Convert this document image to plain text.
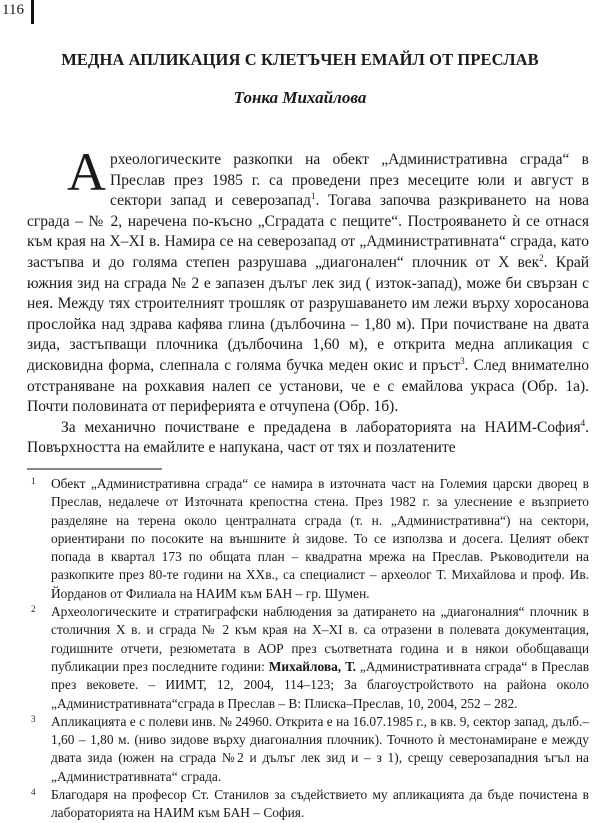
116
МЕДНА АПЛИКАЦИЯ С КЛЕТЪЧЕН ЕМАЙЛ ОТ ПРЕСЛАВ
Тонка Михайлова

Археологическите разкопки на обект „Административна сграда“ в Преслав през 1985 г. са проведени през месеците юли и август в сектори запад и северозапад$^1$. Тогава започва разкриването на нова сграда – № 2, наречена по-късно „Сградата с пещите“. Построяването ѝ се отнася към края на X–XI в. Намира се на северозапад от „Административната“ сграда, като застъпва и до голяма степен разрушава „диагонален“ плочник от X век$^2$. Край южния зид на сграда № 2 е запазен дълъг лек зид ( изток-запад), може би свързан с нея. Между тях строителният трошляк от разрушаването им лежи върху хоросанова прослойка над здрава кафява глина (дълбочина – 1,80 м). При почистване на двата зида, застъпващи плочника (дълбочина 1,60 м), е открита медна апликация с дисковидна форма, слепнала с голяма бучка меден окис и пръст$^3$. След внимателно отстраняване на рохкавия налеп се установи, че е с емайлова украса (Обр. 1а). Почти половината от периферията е отчупена (Обр. 1б).

За механично почистване е предадена в лабораторията на НАИМ-София$^4$. Повърхността на емайлите е напукана, част от тях и позлатените

1 Обект „Административна сграда“ се намира в източната част на Големия царски дворец в Преслав, недалече от Източната крепостна стена. През 1982 г. за улеснение е възприето разделяне на терена около централната сграда (т. н. „Административна“) на сектори, ориентирани по посоките на външните ѝ зидове. То се използва и досега. Целият обект попада в квартал 173 по общата план – квадратна мрежа на Преслав. Ръководители на разкопките през 80-те години на XXв., са специалист – археолог Т. Михайлова и проф. Ив. Йорданов от Филиала на НАИМ към БАН – гр. Шумен.

2 Археологическите и стратиграфски наблюдения за датирането на „диагоналния“ плочник в столичния X в. и сграда № 2 към края на X–XI в. са отразени в полевата документация, годишните отчети, резюметата в АОР през съответната година и в някои обобщаващи публикации през последните години: Михайлова, Т. „Административната сграда“ в Преслав през вековете. – ИИМТ, 12, 2004, 114–123; За благоустройството на района около „Административната“сграда в Преслав – В: Плиска–Преслав, 10, 2004, 252 – 282.

3 Апликацията е с полеви инв. № 24960. Открита е на 16.07.1985 г., в кв. 9, сектор запад, дълб.–1,60 – 1,80 м. (ниво зидове върху диагоналния плочник). Точното ѝ местонамиране е между двата зида (южен на сграда №2 и дълъг лек зид и – з 1), срещу северозападния ъгъл на „Административната“ сграда.

4 Благодаря на професор Ст. Станилов за съдействието му апликацията да бъде почистена в лабораторията на НАИМ към БАН – София.
